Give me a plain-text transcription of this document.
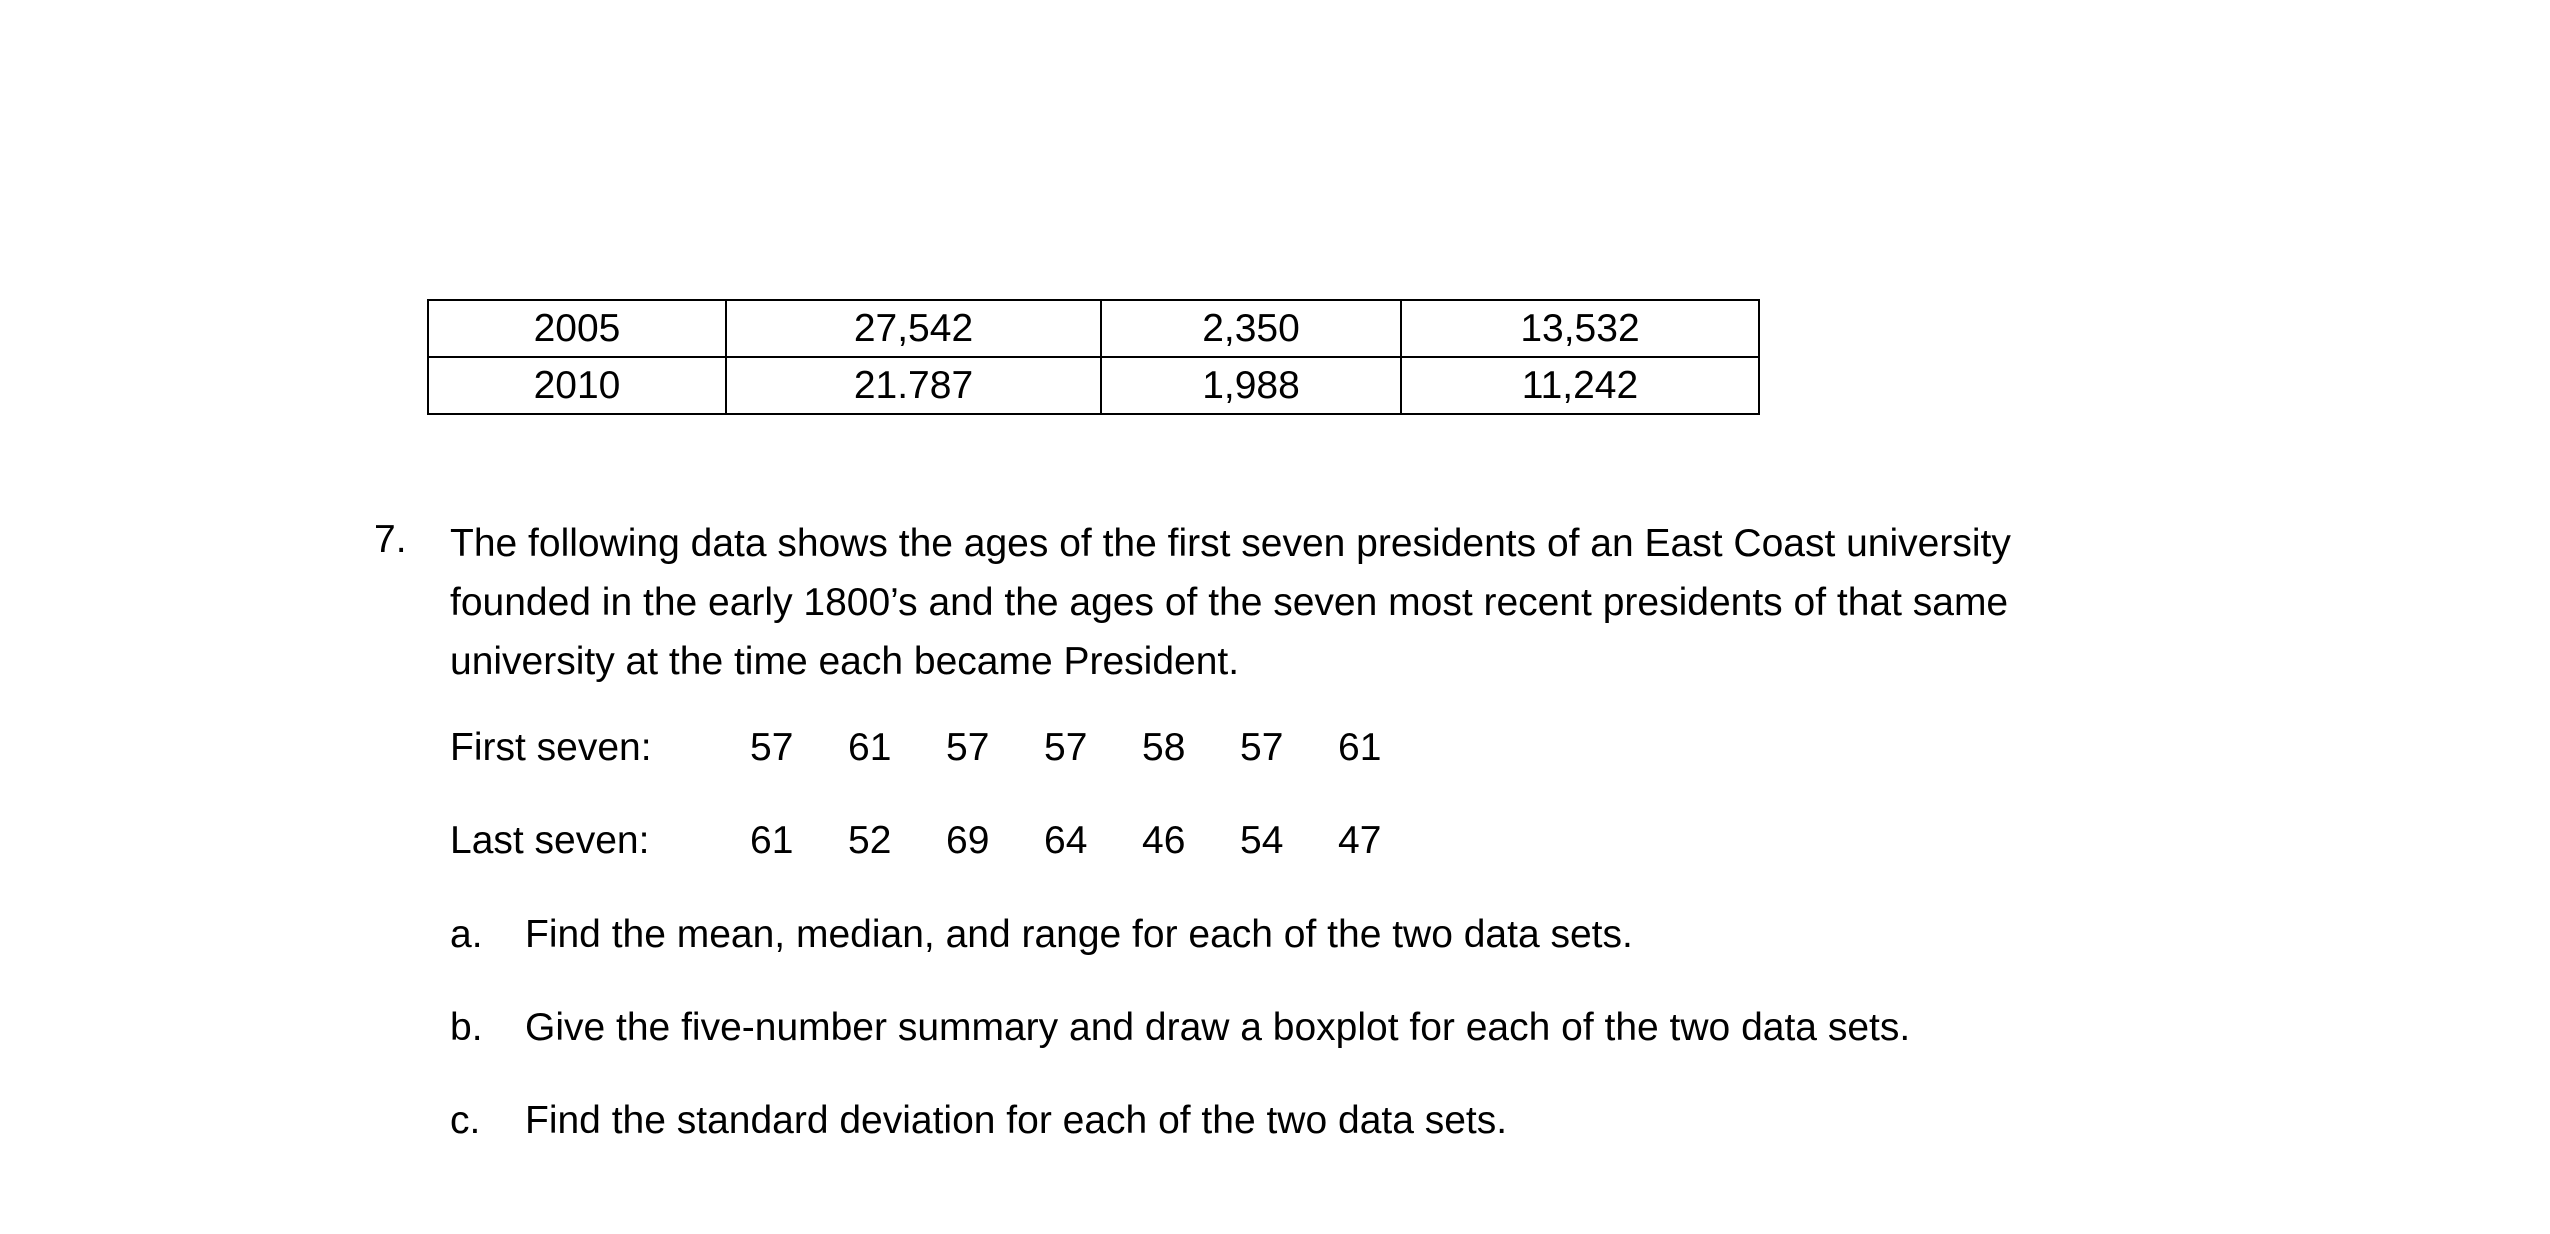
2005	27,542	2,350	13,532
2010	21.787	1,988	11,242
7. The following data shows the ages of the first seven presidents of an East Coast university
founded in the early 1800’s and the ages of the seven most recent presidents of that same
university at the time each became President.
First seven:	57 61 57 57 58 57 61
Last seven:	61 52 69 64 46 54 47
a. Find the mean, median, and range for each of the two data sets.
b. Give the five-number summary and draw a boxplot for each of the two data sets.
c. Find the standard deviation for each of the two data sets.
